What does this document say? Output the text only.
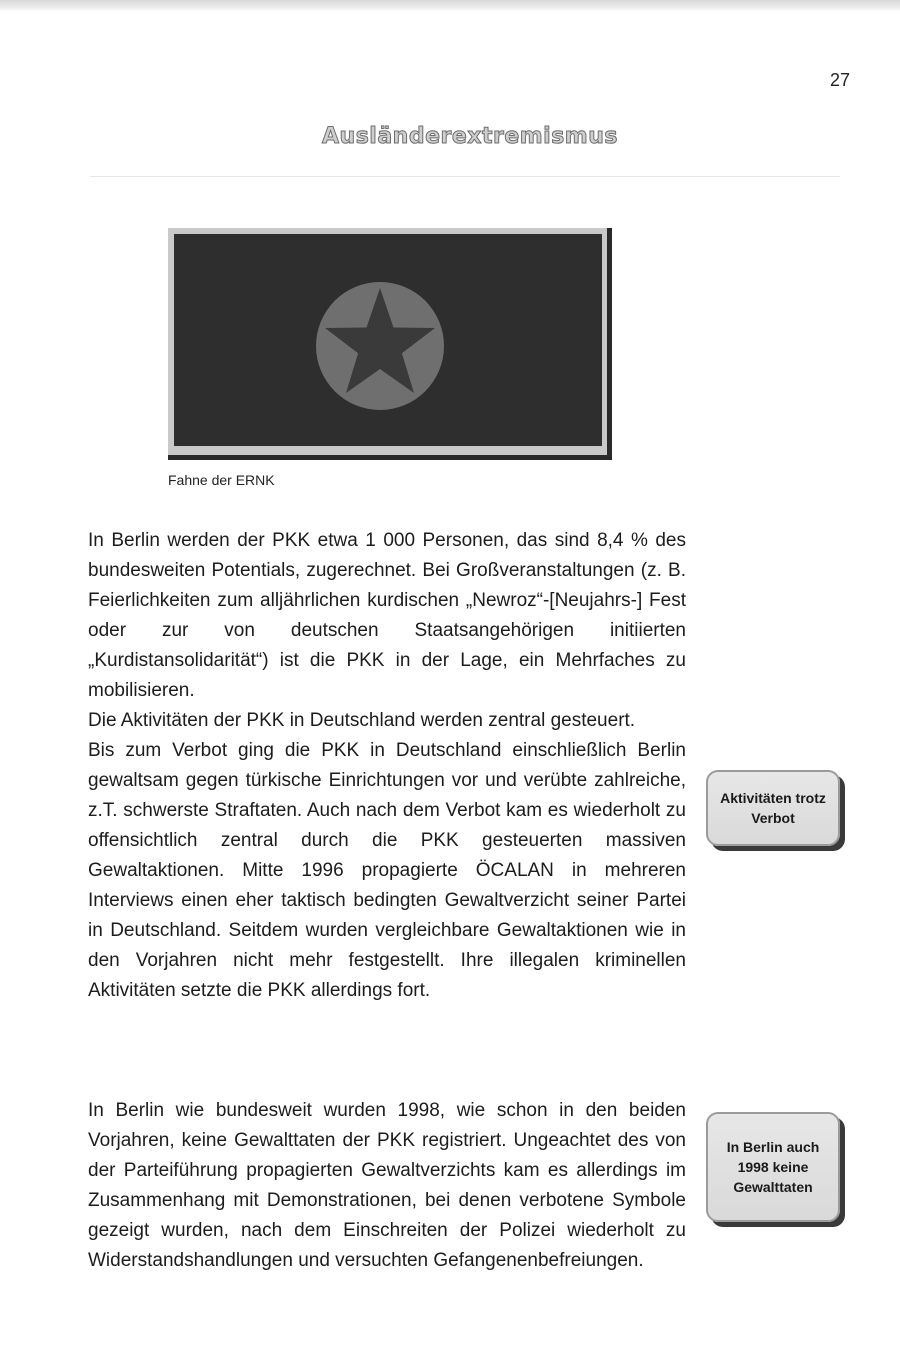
27
Ausländerextremismus
Fahne der ERNK

In Berlin werden der PKK etwa 1 000 Personen, das sind 8,4 % des bundesweiten Potentials, zugerechnet. Bei Großveranstaltungen (z. B. Feierlichkeiten zum alljährlichen kurdischen „Newroz“-[Neujahrs-] Fest oder zur von deutschen Staatsangehörigen initiierten „Kurdistansolidarität“) ist die PKK in der Lage, ein Mehrfaches zu mobilisieren.

Die Aktivitäten der PKK in Deutschland werden zentral gesteuert.

Bis zum Verbot ging die PKK in Deutschland einschließlich Berlin gewaltsam gegen türkische Einrichtungen vor und verübte zahlreiche, z.T. schwerste Straftaten. Auch nach dem Verbot kam es wiederholt zu offensichtlich zentral durch die PKK gesteuerten massiven Gewaltaktionen. Mitte 1996 propagierte ÖCALAN in mehreren Interviews einen eher taktisch bedingten Gewaltverzicht seiner Partei in Deutschland. Seitdem wurden vergleichbare Gewaltaktionen wie in den Vorjahren nicht mehr festgestellt. Ihre illegalen kriminellen Aktivitäten setzte die PKK allerdings fort.

Aktivitäten trotz Verbot

In Berlin wie bundesweit wurden 1998, wie schon in den beiden Vorjahren, keine Gewalttaten der PKK registriert. Ungeachtet des von der Parteiführung propagierten Gewaltverzichts kam es allerdings im Zusammenhang mit Demonstrationen, bei denen verbotene Symbole gezeigt wurden, nach dem Einschreiten der Polizei wiederholt zu Widerstandshandlungen und versuchten Gefangenenbefreiungen.

In Berlin auch 1998 keine Gewalttaten
